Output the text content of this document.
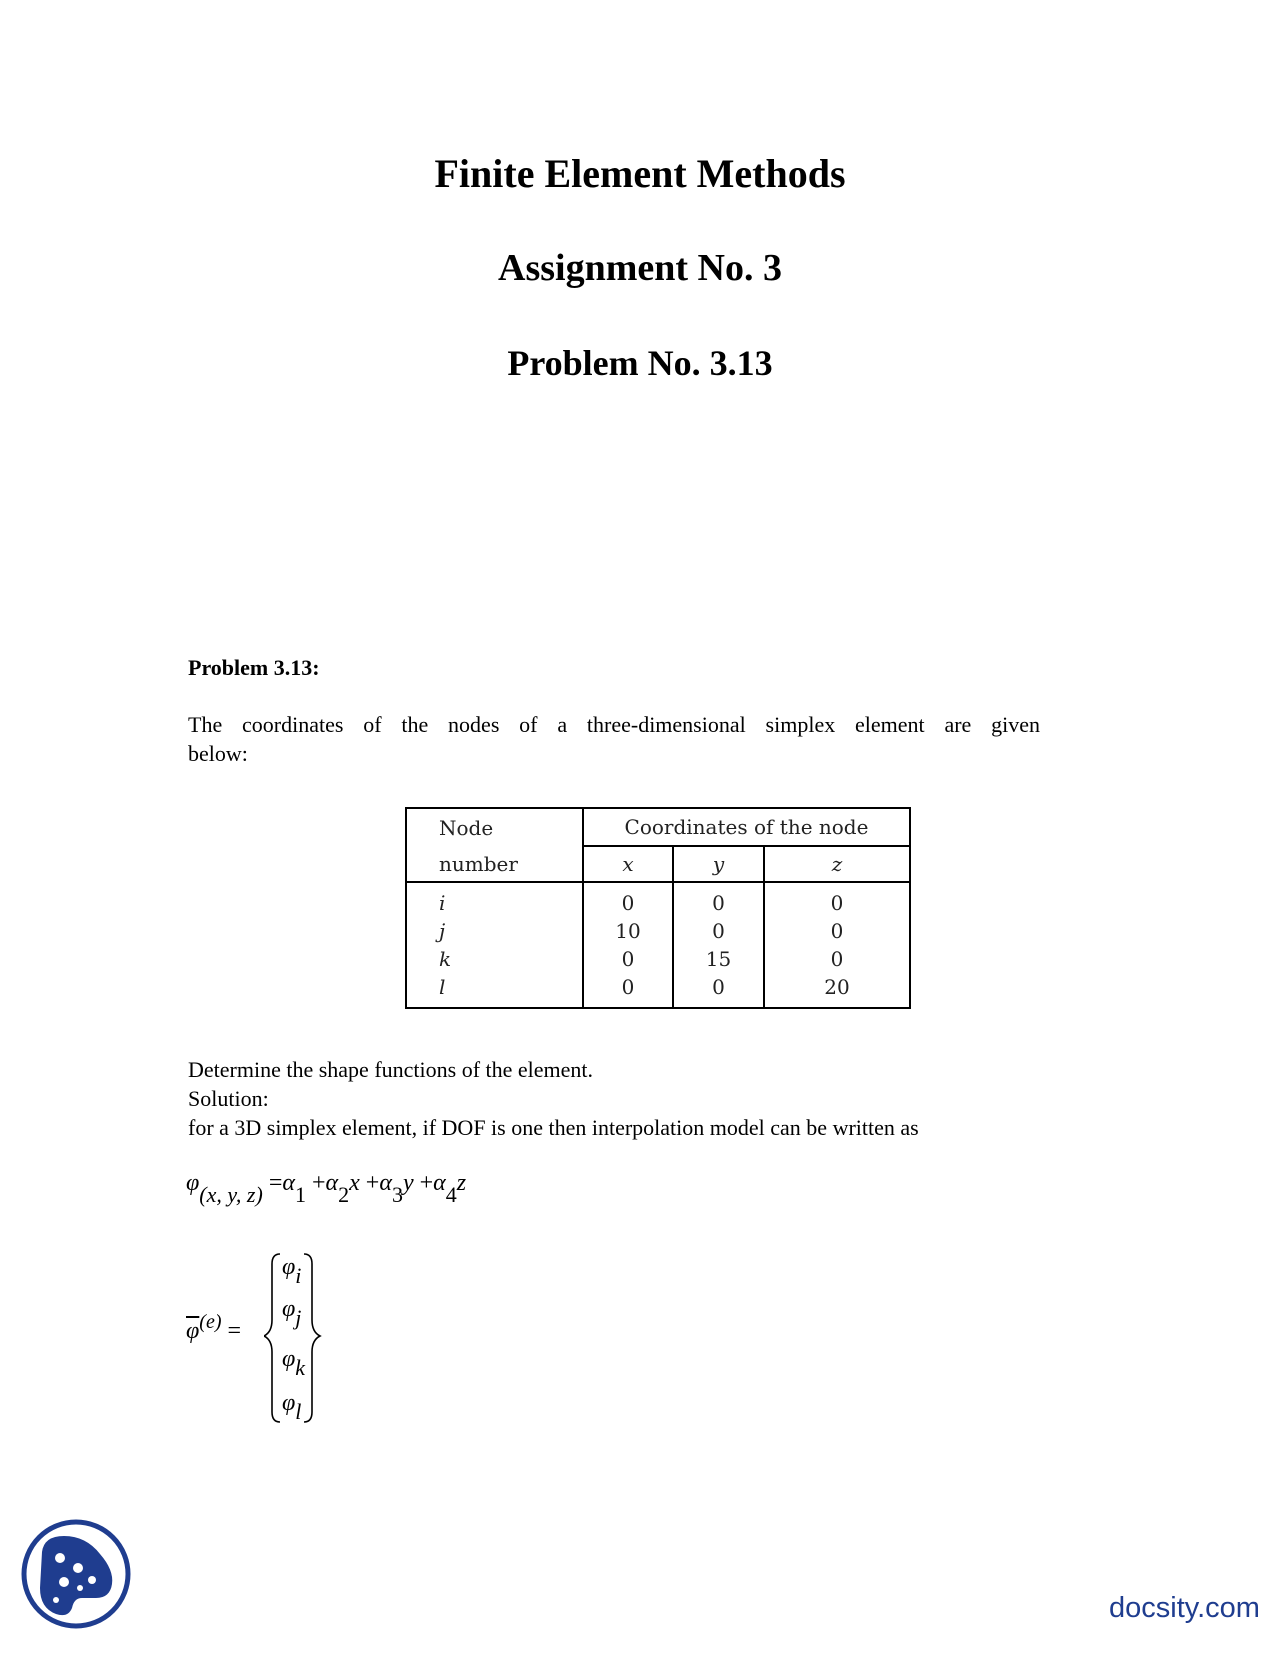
Finite Element Methods
Assignment No. 3
Problem No. 3.13

Problem 3.13:

The coordinates of the nodes of a three-dimensional simplex element are given
below:

Node	Coordinates of the node		
number	x	y	z
i	0	0	0
j	10	0	0
k	0	15	0
l	0	0	20

Determine the shape functions of the element.

Solution:

for a 3D simplex element, if DOF is one then interpolation model can be written as

φ(x, y, z) =α1 +α2x +α3y +α4z
$\overline{\varphi}^{(e)}$ =
φi
φj
φk
φl
docsity.com
